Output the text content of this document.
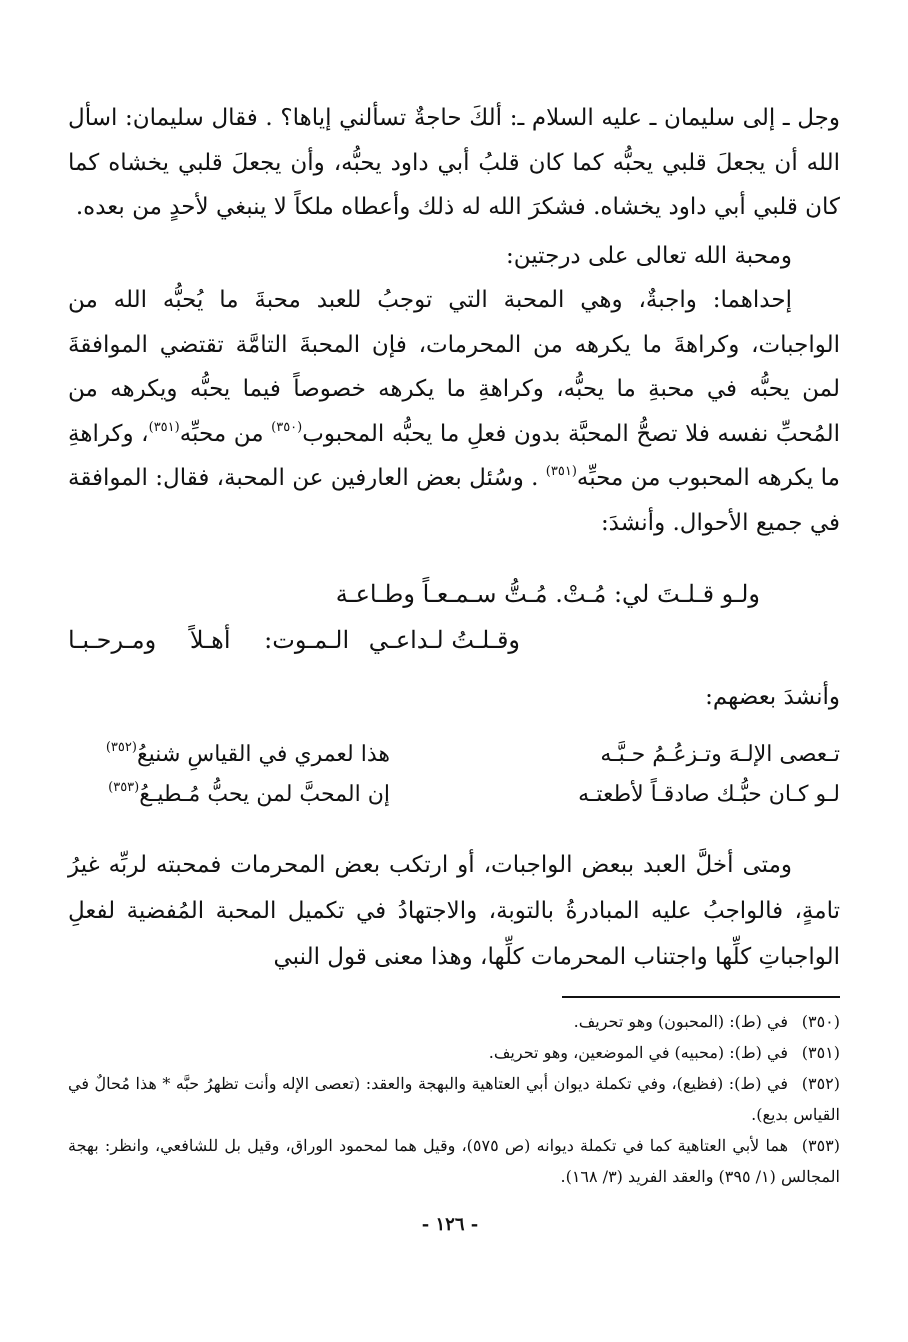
وجل ـ إلى سليمان ـ عليه السلام ـ: ألكَ حاجةٌ تسألني إياها؟ . فقال سليمان: اسأل الله أن يجعلَ قلبي يحبُّه كما كان قلبُ أبي داود يحبُّه، وأن يجعلَ قلبي يخشاه كما كان قلبي أبي داود يخشاه. فشكرَ الله له ذلك وأعطاه ملكاً لا ينبغي لأحدٍ من بعده.

ومحبة الله تعالى على درجتين:

إحداهما: واجبةٌ، وهي المحبة التي توجبُ للعبد محبةَ ما يُحبُّه الله من الواجبات، وكراهةَ ما يكرهه من المحرمات، فإن المحبةَ التامَّة تقتضي الموافقةَ لمن يحبُّه في محبةِ ما يحبُّه، وكراهةِ ما يكرهه خصوصاً فيما يحبُّه ويكرهه من المُحبِّ نفسه فلا تصحُّ المحبَّة بدون فعلِ ما يحبُّه المحبوب$^{(٣٥٠)}$ من محبِّه$^{(٣٥١)}$، وكراهةِ ما يكرهه المحبوب من محبِّه$^{(٣٥١)}$ . وسُئل بعض العارفين عن المحبة، فقال: الموافقة في جميع الأحوال. وأنشدَ:

ولـو قـلـتَ لي: مُـتْ. مُـتُّ سـمـعـاً وطـاعـة
وقـلـتُ لـداعـي الـمـوت: أهـلاً ومـرحـبـا
وأنشدَ بعضهم:
تـعصى الإلـهَ وتـزعُـمُ حـبَّـه
هذا لعمري في القياسِ شنيعُ$^{(٣٥٢)}$
لـو كـان حبُّـك صادقـاً لأطعتـه
إن المحبَّ لمن يحبُّ مُـطيـعُ$^{(٣٥٣)}$

ومتى أخلَّ العبد ببعض الواجبات، أو ارتكب بعض المحرمات فمحبته لربِّه غيرُ تامةٍ، فالواجبُ عليه المبادرةُ بالتوبة، والاجتهادُ في تكميل المحبة المُفضية لفعلِ الواجباتِ كلِّها واجتناب المحرمات كلِّها، وهذا معنى قول النبي

(٣٥٠)في (ط): (المحبون) وهو تحريف.

(٣٥١)في (ط): (محبيه) في الموضعين، وهو تحريف.

(٣٥٢)في (ط): (فظيع)، وفي تكملة ديوان أبي العتاهية والبهجة والعقد: (تعصى الإله وأنت تظهرُ حبَّه * هذا مُحالٌ في القياس بديع).

(٣٥٣)هما لأبي العتاهية كما في تكملة ديوانه (ص ٥٧٥)، وقيل هما لمحمود الوراق، وقيل بل للشافعي، وانظر: بهجة المجالس (١/ ٣٩٥) والعقد الفريد (٣/ ١٦٨).

- ١٢٦ -
